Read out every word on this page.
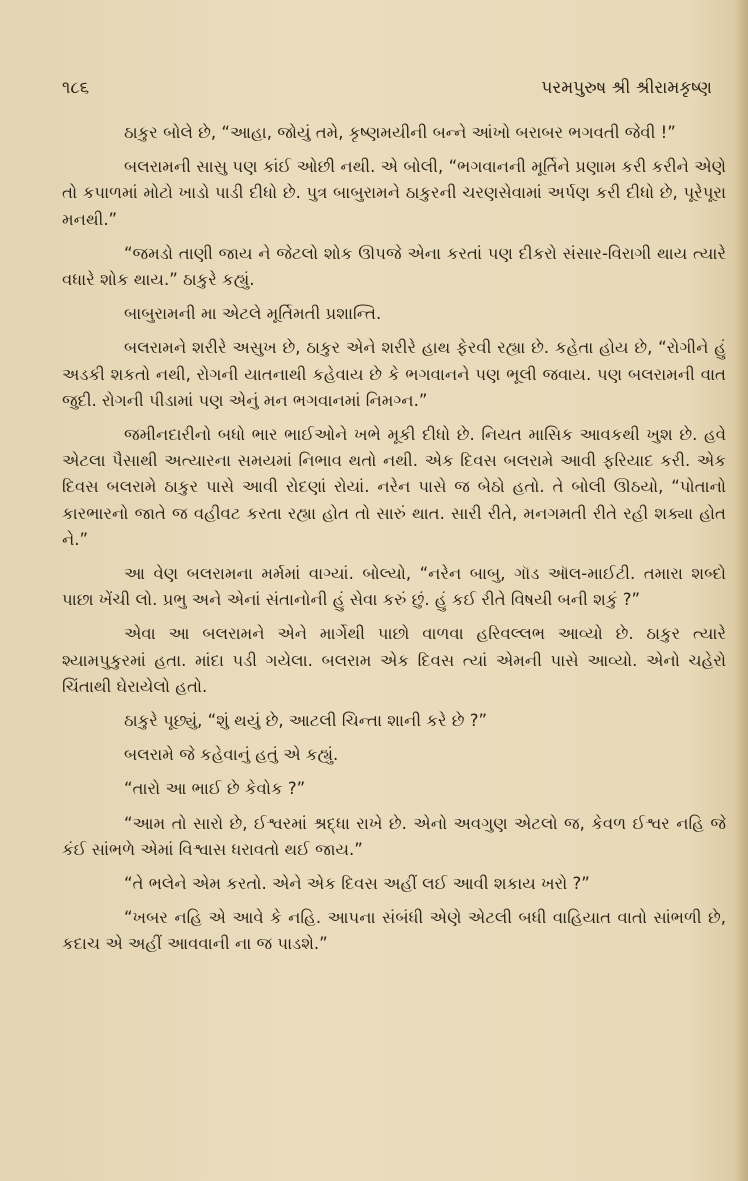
૧૮૬	પરમપુરુષ શ્રી શ્રીરામકૃષ્ણ

ઠાકુર બોલે છે, “આહા, જોયું તમે, કૃષ્ણમયીની બન્ને આંખો બરાબર ભગવતી જેવી !”

બલરામની સાસુ પણ કાંઈ ઓછી નથી. એ બોલી, “ભગવાનની મૂર્તિને પ્રણામ કરી કરીને એણે તો કપાળમાં મોટો ખાડો પાડી દીધો છે. પુત્ર બાબુરામને ઠાકુરની ચરણસેવામાં અર્પણ કરી દીધો છે, પૂરેપૂરા મનથી.”

“જમડો તાણી જાય ને જેટલો શોક ઊપજે એના કરતાં પણ દીકરો સંસાર-વિરાગી થાય ત્યારે વધારે શોક થાય.” ઠાકુરે કહ્યું.

બાબુરામની મા એટલે મૂર્તિમતી પ્રશાન્તિ.

બલરામને શરીરે અસુખ છે, ઠાકુર એને શરીરે હાથ ફેરવી રહ્યા છે. કહેતા હોય છે, “રોગીને હું અડકી શકતો નથી, રોગની યાતનાથી કહેવાય છે કે ભગવાનને પણ ભૂલી જવાય. પણ બલરામની વાત જુદી. રોગની પીડામાં પણ એનું મન ભગવાનમાં નિમગ્ન.”

જમીનદારીનો બધો ભાર ભાઈઓને ખભે મૂકી દીધો છે. નિયત માસિક આવકથી ખુશ છે. હવે એટલા પૈસાથી અત્યારના સમયમાં નિભાવ થતો નથી. એક દિવસ બલરામે આવી ફરિયાદ કરી. એક દિવસ બલરામે ઠાકુર પાસે આવી રોદણાં રોયાં. નરેન પાસે જ બેઠો હતો. તે બોલી ઊઠયો, “પોતાનો કારભારનો જાતે જ વહીવટ કરતા રહ્યા હોત તો સારું થાત. સારી રીતે, મનગમતી રીતે રહી શક્યા હોત ને.”

આ વેણ બલરામના મર્મમાં વાગ્યાં. બોલ્યો, “નરેન બાબુ, ગૉડ ઑલ-માઈટી. તમારા શબ્દો પાછા ખેંચી લો. પ્રભુ અને એનાં સંતાનોની હું સેવા કરું છું. હું કઈ રીતે વિષયી બની શકું ?”

એવા આ બલરામને એને માર્ગેથી પાછો વાળવા હરિવલ્લભ આવ્યો છે. ઠાકુર ત્યારે શ્યામપુકુરમાં હતા. માંદા પડી ગયેલા. બલરામ એક દિવસ ત્યાં એમની પાસે આવ્યો. એનો ચહેરો ચિંતાથી ઘેરાયેલો હતો.

ઠાકુરે પૂછ્યું, “શું થયું છે, આટલી ચિન્તા શાની કરે છે ?”

બલરામે જે કહેવાનું હતું એ કહ્યું.

“તારો આ ભાઈ છે કેવોક ?”

“આમ તો સારો છે, ઈશ્વરમાં શ્રદ્ધા રાખે છે. એનો અવગુણ એટલો જ, કેવળ ઈશ્વર નહિ જે કંઈ સાંભળે એમાં વિશ્વાસ ધરાવતો થઈ જાય.”

“તે ભલેને એમ કરતો. એને એક દિવસ અહીં લઈ આવી શકાય ખરો ?”

“ખબર નહિ એ આવે કે નહિ. આપના સંબંધી એણે એટલી બધી વાહિયાત વાતો સાંભળી છે, કદાચ એ અહીં આવવાની ના જ પાડશે.”
